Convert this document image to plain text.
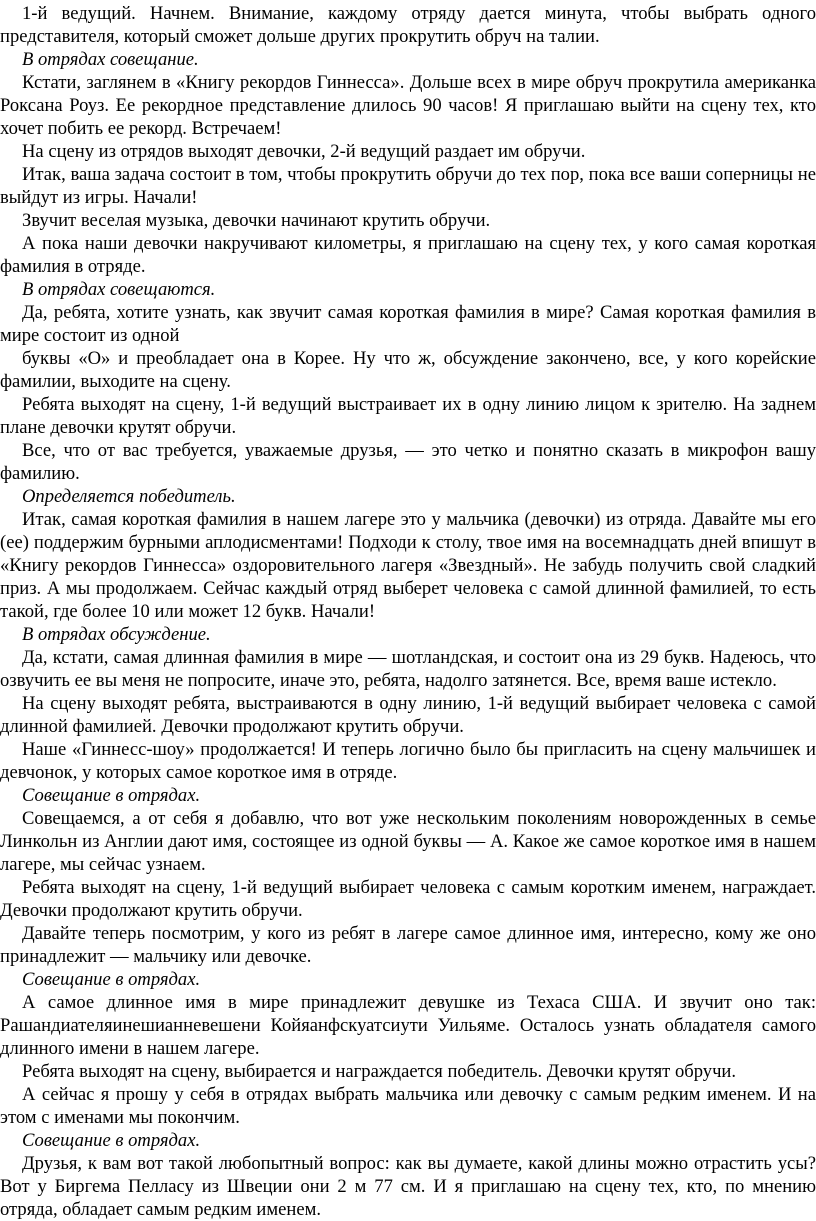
1-й ведущий. Начнем. Внимание, каждому отряду дается минута, чтобы выбрать одного представителя, который сможет дольше других прокрутить обруч на талии.

В отрядах совещание.

Кстати, заглянем в «Книгу рекордов Гиннесса». Дольше всех в мире обруч прокрутила американка Роксана Роуз. Ее рекордное представление длилось 90 часов! Я приглашаю выйти на сцену тех, кто хочет побить ее рекорд. Встречаем!

На сцену из отрядов выходят девочки, 2-й ведущий раздает им обручи.

Итак, ваша задача состоит в том, чтобы прокрутить обручи до тех пор, пока все ваши соперницы не выйдут из игры. Начали!

Звучит веселая музыка, девочки начинают крутить обручи.

А пока наши девочки накручивают километры, я приглашаю на сцену тех, у кого самая короткая фамилия в отряде.

В отрядах совещаются.

Да, ребята, хотите узнать, как звучит самая короткая фамилия в мире? Самая короткая фамилия в мире состоит из одной

буквы «О» и преобладает она в Корее. Ну что ж, обсуждение закончено, все, у кого корейские фамилии, выходите на сцену.

Ребята выходят на сцену, 1-й ведущий выстраивает их в одну линию лицом к зрителю. На заднем плане девочки крутят обручи.

Все, что от вас требуется, уважаемые друзья, — это четко и понятно сказать в микрофон вашу фамилию.

Определяется победитель.

Итак, самая короткая фамилия в нашем лагере это у мальчика (девочки) из отряда. Давайте мы его (ее) поддержим бурными аплодисментами! Подходи к столу, твое имя на восемнадцать дней впишут в «Книгу рекордов Гиннесса» оздоровительного лагеря «Звездный». Не забудь получить свой сладкий приз. А мы продолжаем. Сейчас каждый отряд выберет человека с самой длинной фамилией, то есть такой, где более 10 или может 12 букв. Начали!

В отрядах обсуждение.

Да, кстати, самая длинная фамилия в мире — шотландская, и состоит она из 29 букв. Надеюсь, что озвучить ее вы меня не попросите, иначе это, ребята, надолго затянется. Все, время ваше истекло.

На сцену выходят ребята, выстраиваются в одну линию, 1-й ведущий выбирает человека с самой длинной фамилией. Девочки продолжают крутить обручи.

Наше «Гиннесс-шоу» продолжается! И теперь логично было бы пригласить на сцену мальчишек и девчонок, у которых самое короткое имя в отряде.

Совещание в отрядах.

Совещаемся, а от себя я добавлю, что вот уже нескольким поколениям новорожденных в семье Линкольн из Англии дают имя, состоящее из одной буквы — А. Какое же самое короткое имя в нашем лагере, мы сейчас узнаем.

Ребята выходят на сцену, 1-й ведущий выбирает человека с самым коротким именем, награждает. Девочки продолжают крутить обручи.

Давайте теперь посмотрим, у кого из ребят в лагере самое длинное имя, интересно, кому же оно принадлежит — мальчику или девочке.

Совещание в отрядах.

А самое длинное имя в мире принадлежит девушке из Техаса США. И звучит оно так: Рашандиателяинешианневешени Койяанфскуатсиути Уильяме. Осталось узнать обладателя самого длинного имени в нашем лагере.

Ребята выходят на сцену, выбирается и награждается победитель. Девочки крутят обручи.

А сейчас я прошу у себя в отрядах выбрать мальчика или девочку с самым редким именем. И на этом с именами мы покончим.

Совещание в отрядах.

Друзья, к вам вот такой любопытный вопрос: как вы думаете, какой длины можно отрастить усы? Вот у Биргема Пелласу из Швеции они 2 м 77 см. И я приглашаю на сцену тех, кто, по мнению отряда, обладает самым редким именем.
